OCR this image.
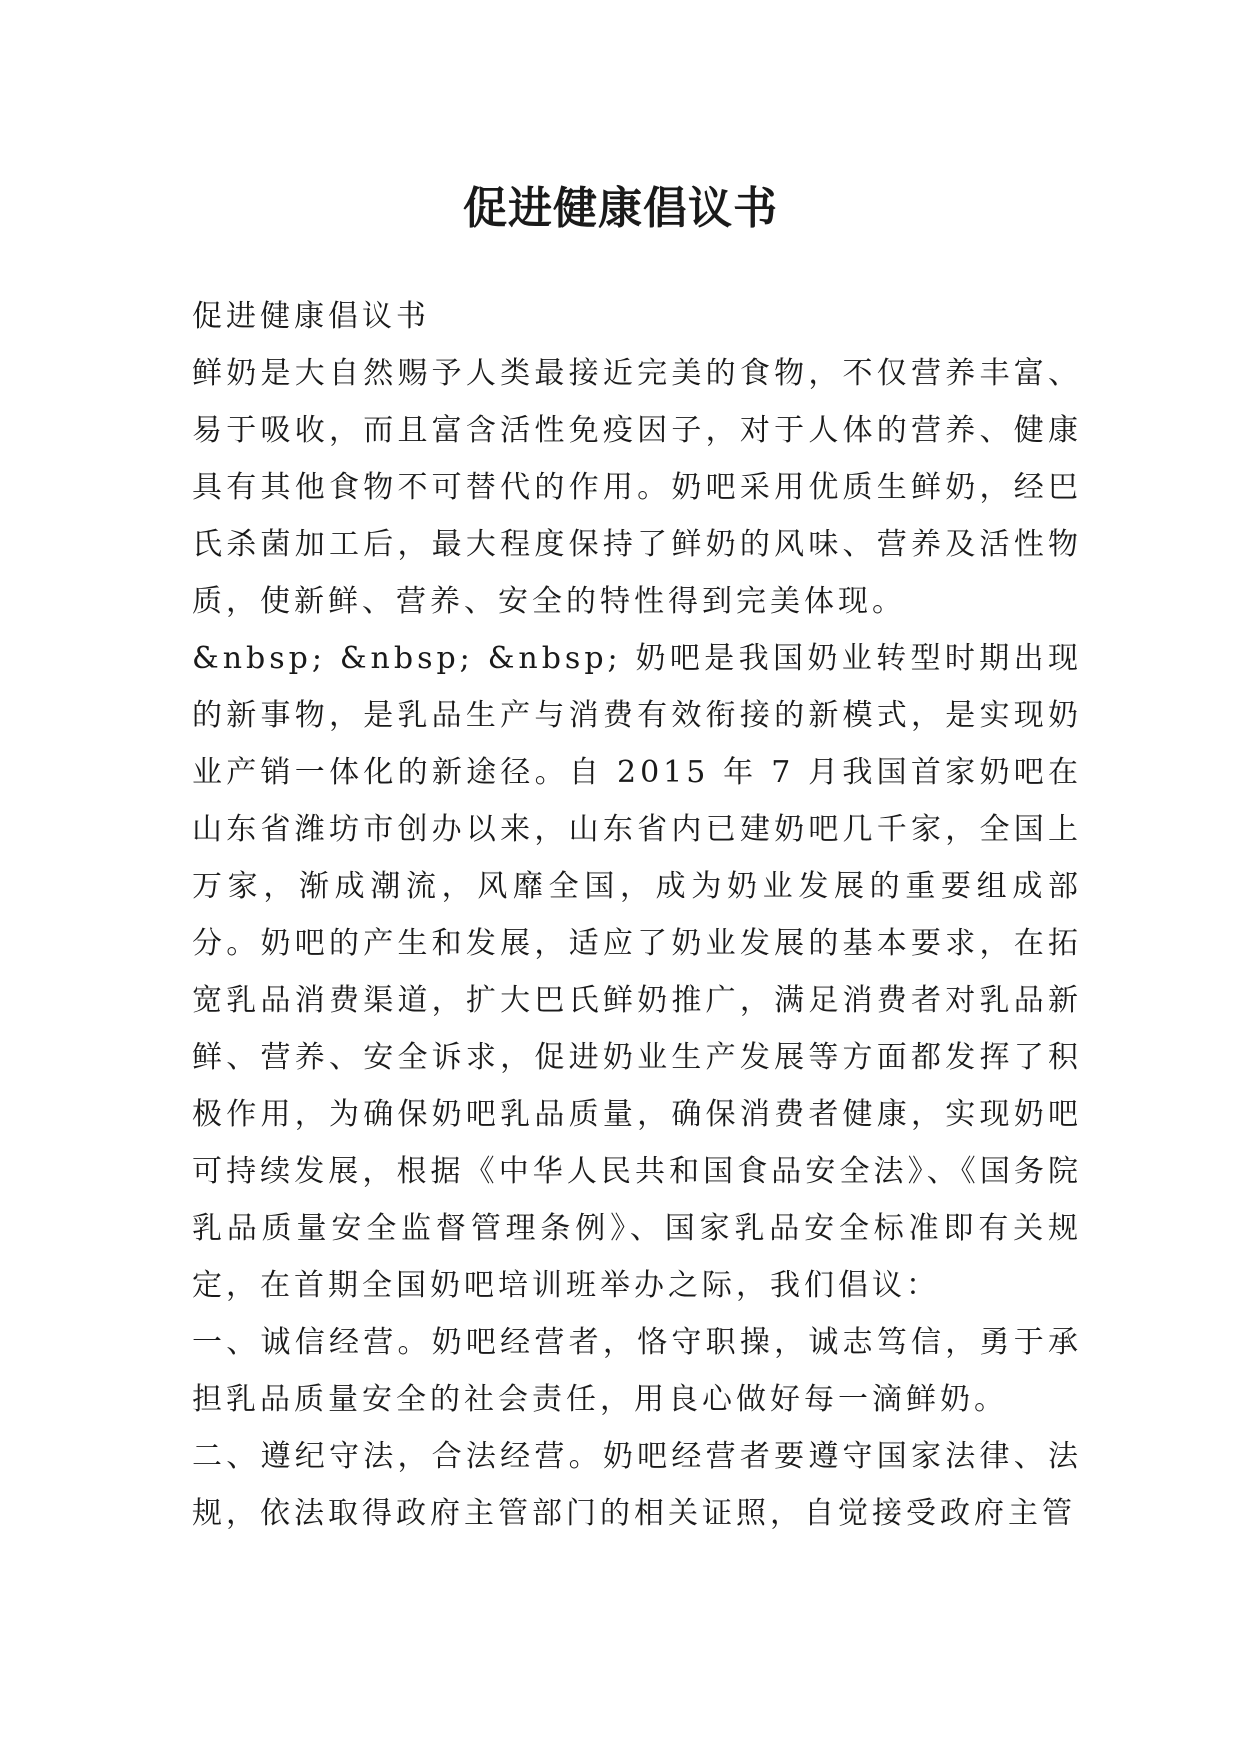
促进健康倡议书

促进健康倡议书

鲜奶是大自然赐予人类最接近完美的食物，不仅营养丰富、易于吸收，而且富含活性免疫因子，对于人体的营养、健康具有其他食物不可替代的作用。奶吧采用优质生鲜奶，经巴氏杀菌加工后，最大程度保持了鲜奶的风味、营养及活性物质，使新鲜、营养、安全的特性得到完美体现。

&nbsp; &nbsp; &nbsp; 奶吧是我国奶业转型时期出现的新事物，是乳品生产与消费有效衔接的新模式，是实现奶业产销一体化的新途径。自 2015 年 7 月我国首家奶吧在山东省潍坊市创办以来，山东省内已建奶吧几千家，全国上万家，渐成潮流，风靡全国，成为奶业发展的重要组成部分。奶吧的产生和发展，适应了奶业发展的基本要求，在拓宽乳品消费渠道，扩大巴氏鲜奶推广，满足消费者对乳品新鲜、营养、安全诉求，促进奶业生产发展等方面都发挥了积极作用，为确保奶吧乳品质量，确保消费者健康，实现奶吧可持续发展，根据《中华人民共和国食品安全法》、《国务院乳品质量安全监督管理条例》、国家乳品安全标准即有关规定，在首期全国奶吧培训班举办之际，我们倡议：

一、诚信经营。奶吧经营者，恪守职操，诚志笃信，勇于承担乳品质量安全的社会责任，用良心做好每一滴鲜奶。

二、遵纪守法，合法经营。奶吧经营者要遵守国家法律、法规，依法取得政府主管部门的相关证照，自觉接受政府主管
